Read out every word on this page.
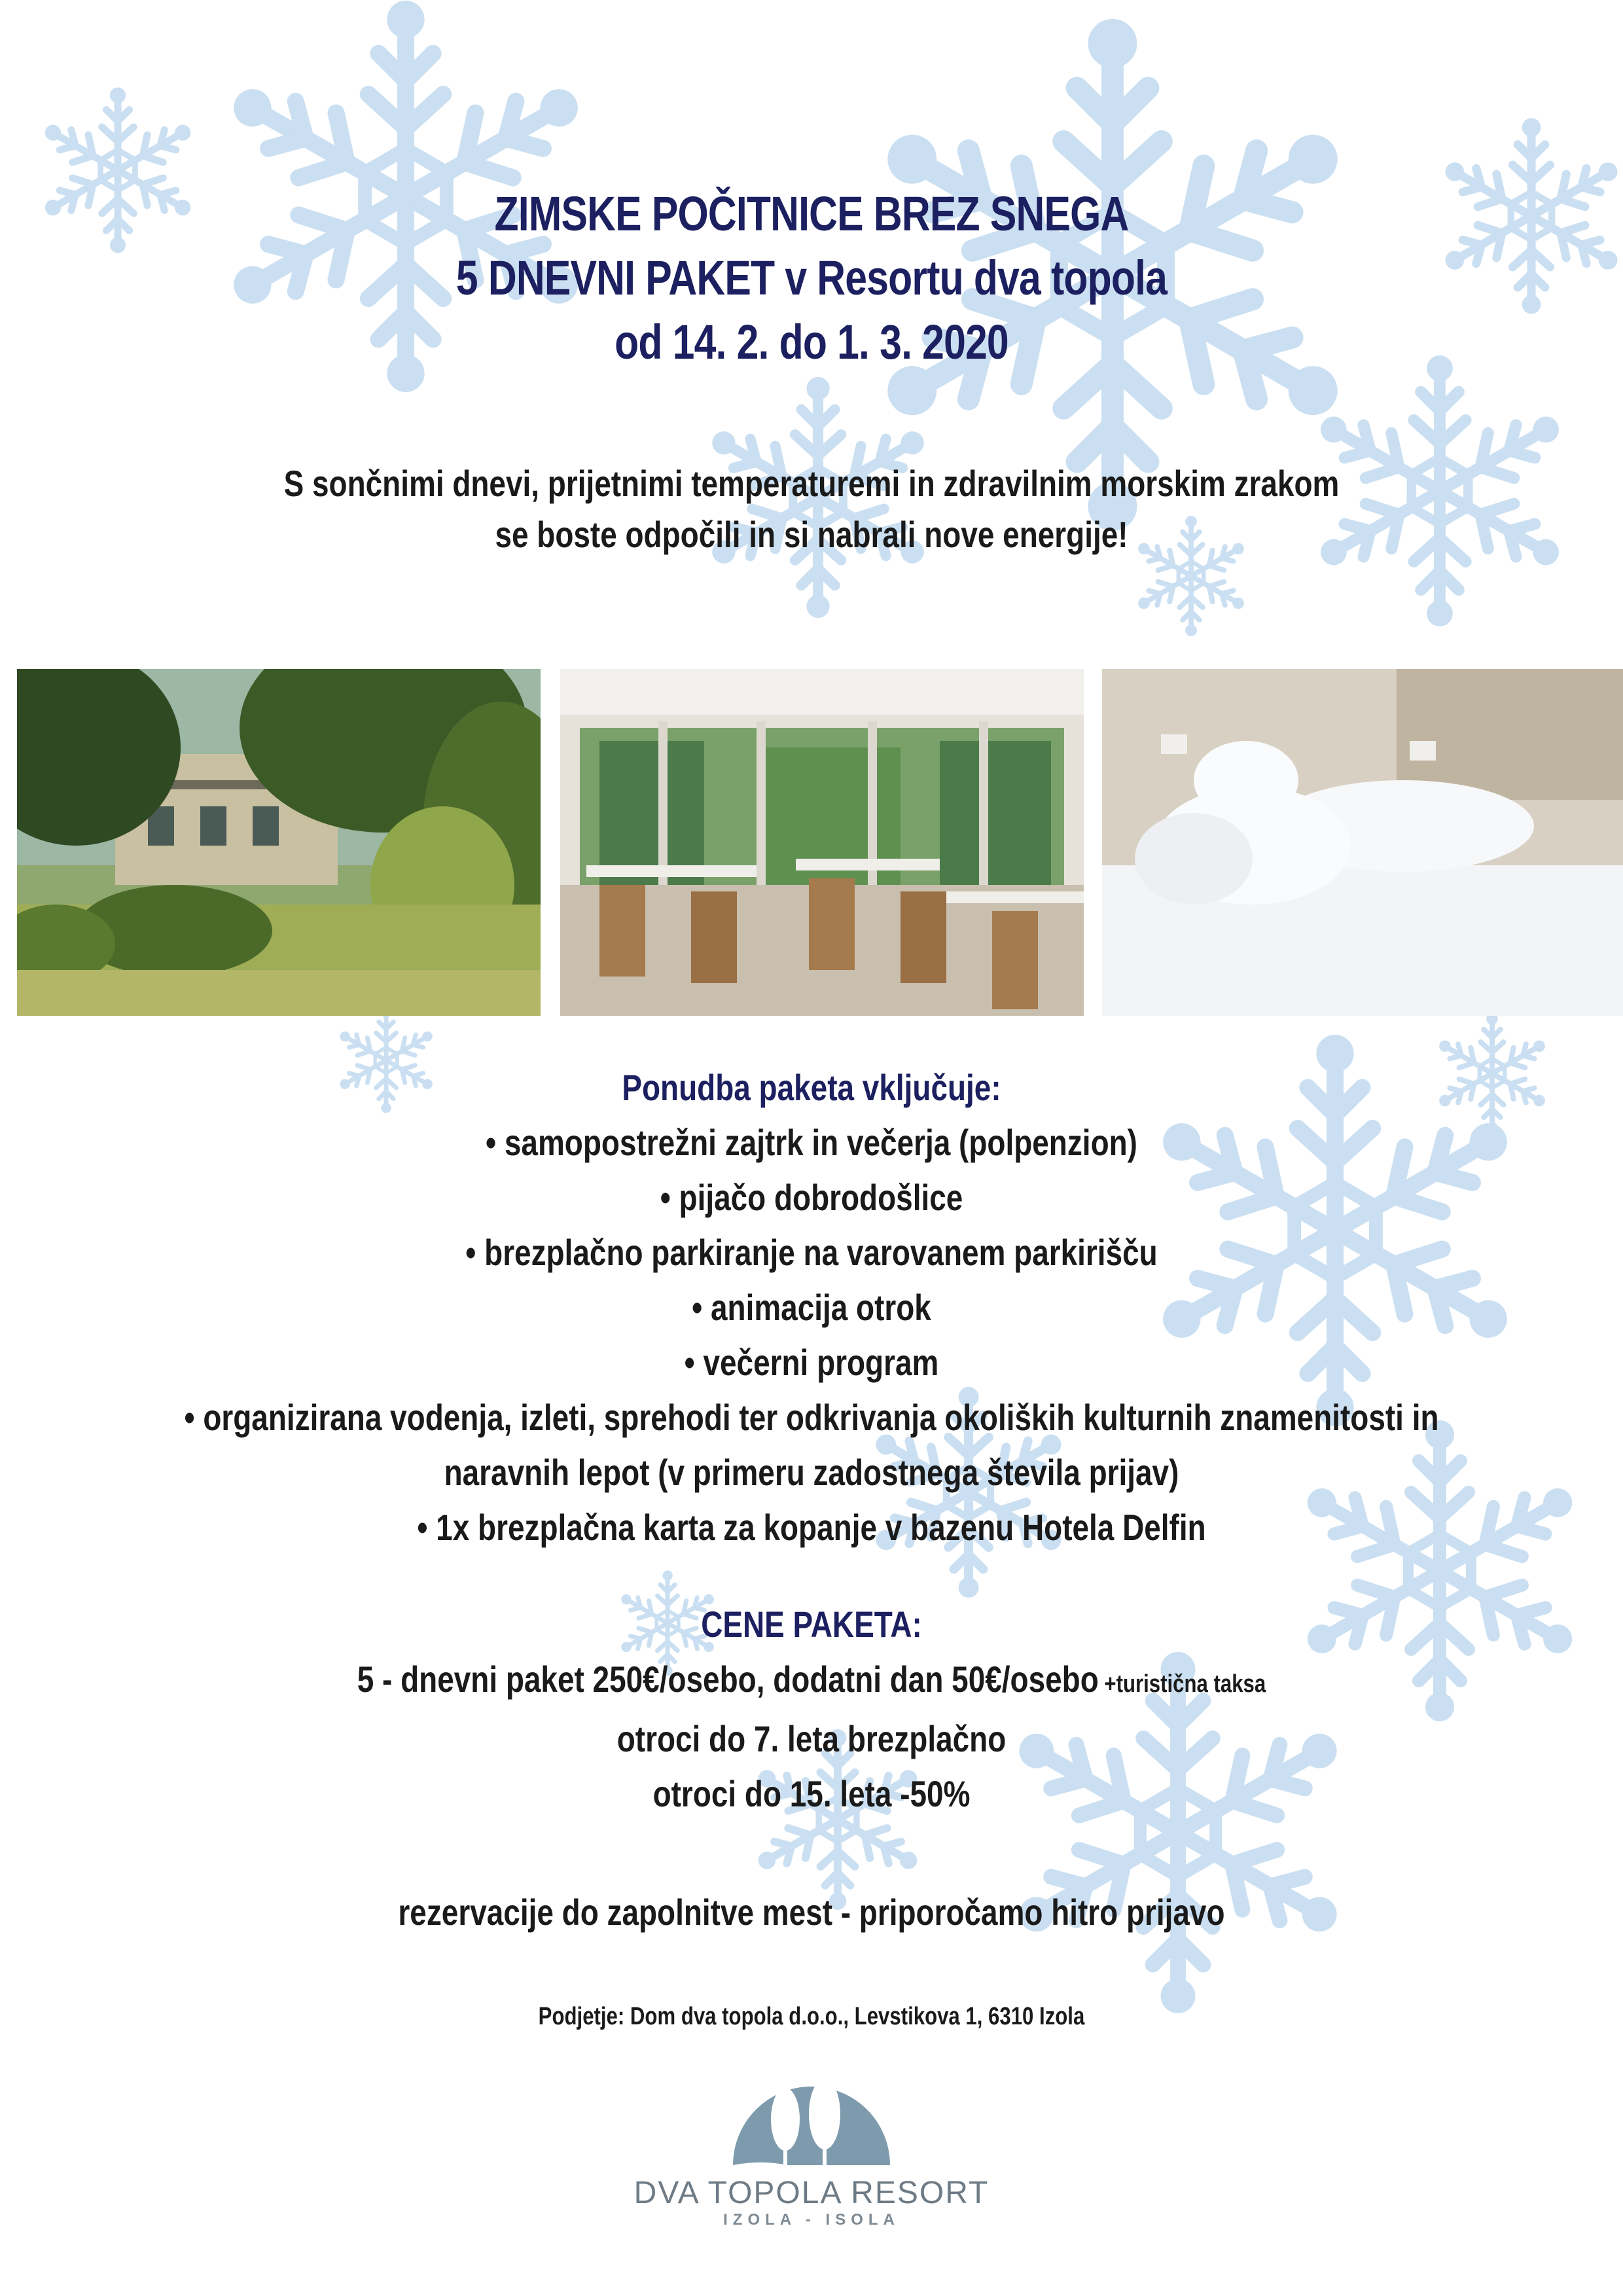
ZIMSKE POČITNICE BREZ SNEGA
5 DNEVNI PAKET v Resortu dva topola
od 14. 2. do 1. 3. 2020
S sončnimi dnevi, prijetnimi temperaturemi in zdravilnim morskim zrakom
se boste odpočili in si nabrali nove energije!
Ponudba paketa vključuje:
• samopostrežni zajtrk in večerja (polpenzion)
• pijačo dobrodošlice
• brezplačno parkiranje na varovanem parkirišču
• animacija otrok
• večerni program
• organizirana vodenja, izleti, sprehodi ter odkrivanja okoliških kulturnih znamenitosti in
naravnih lepot (v primeru zadostnega števila prijav)
• 1x brezplačna karta za kopanje v bazenu Hotela Delfin
CENE PAKETA:
5 - dnevni paket 250€/osebo, dodatni dan 50€/osebo +turistična taksa
otroci do 7. leta brezplačno
otroci do 15. leta -50%
rezervacije do zapolnitve mest - priporočamo hitro prijavo
Podjetje: Dom dva topola d.o.o., Levstikova 1, 6310 Izola
DVA TOPOLA RESORT
IZOLA - ISOLA
